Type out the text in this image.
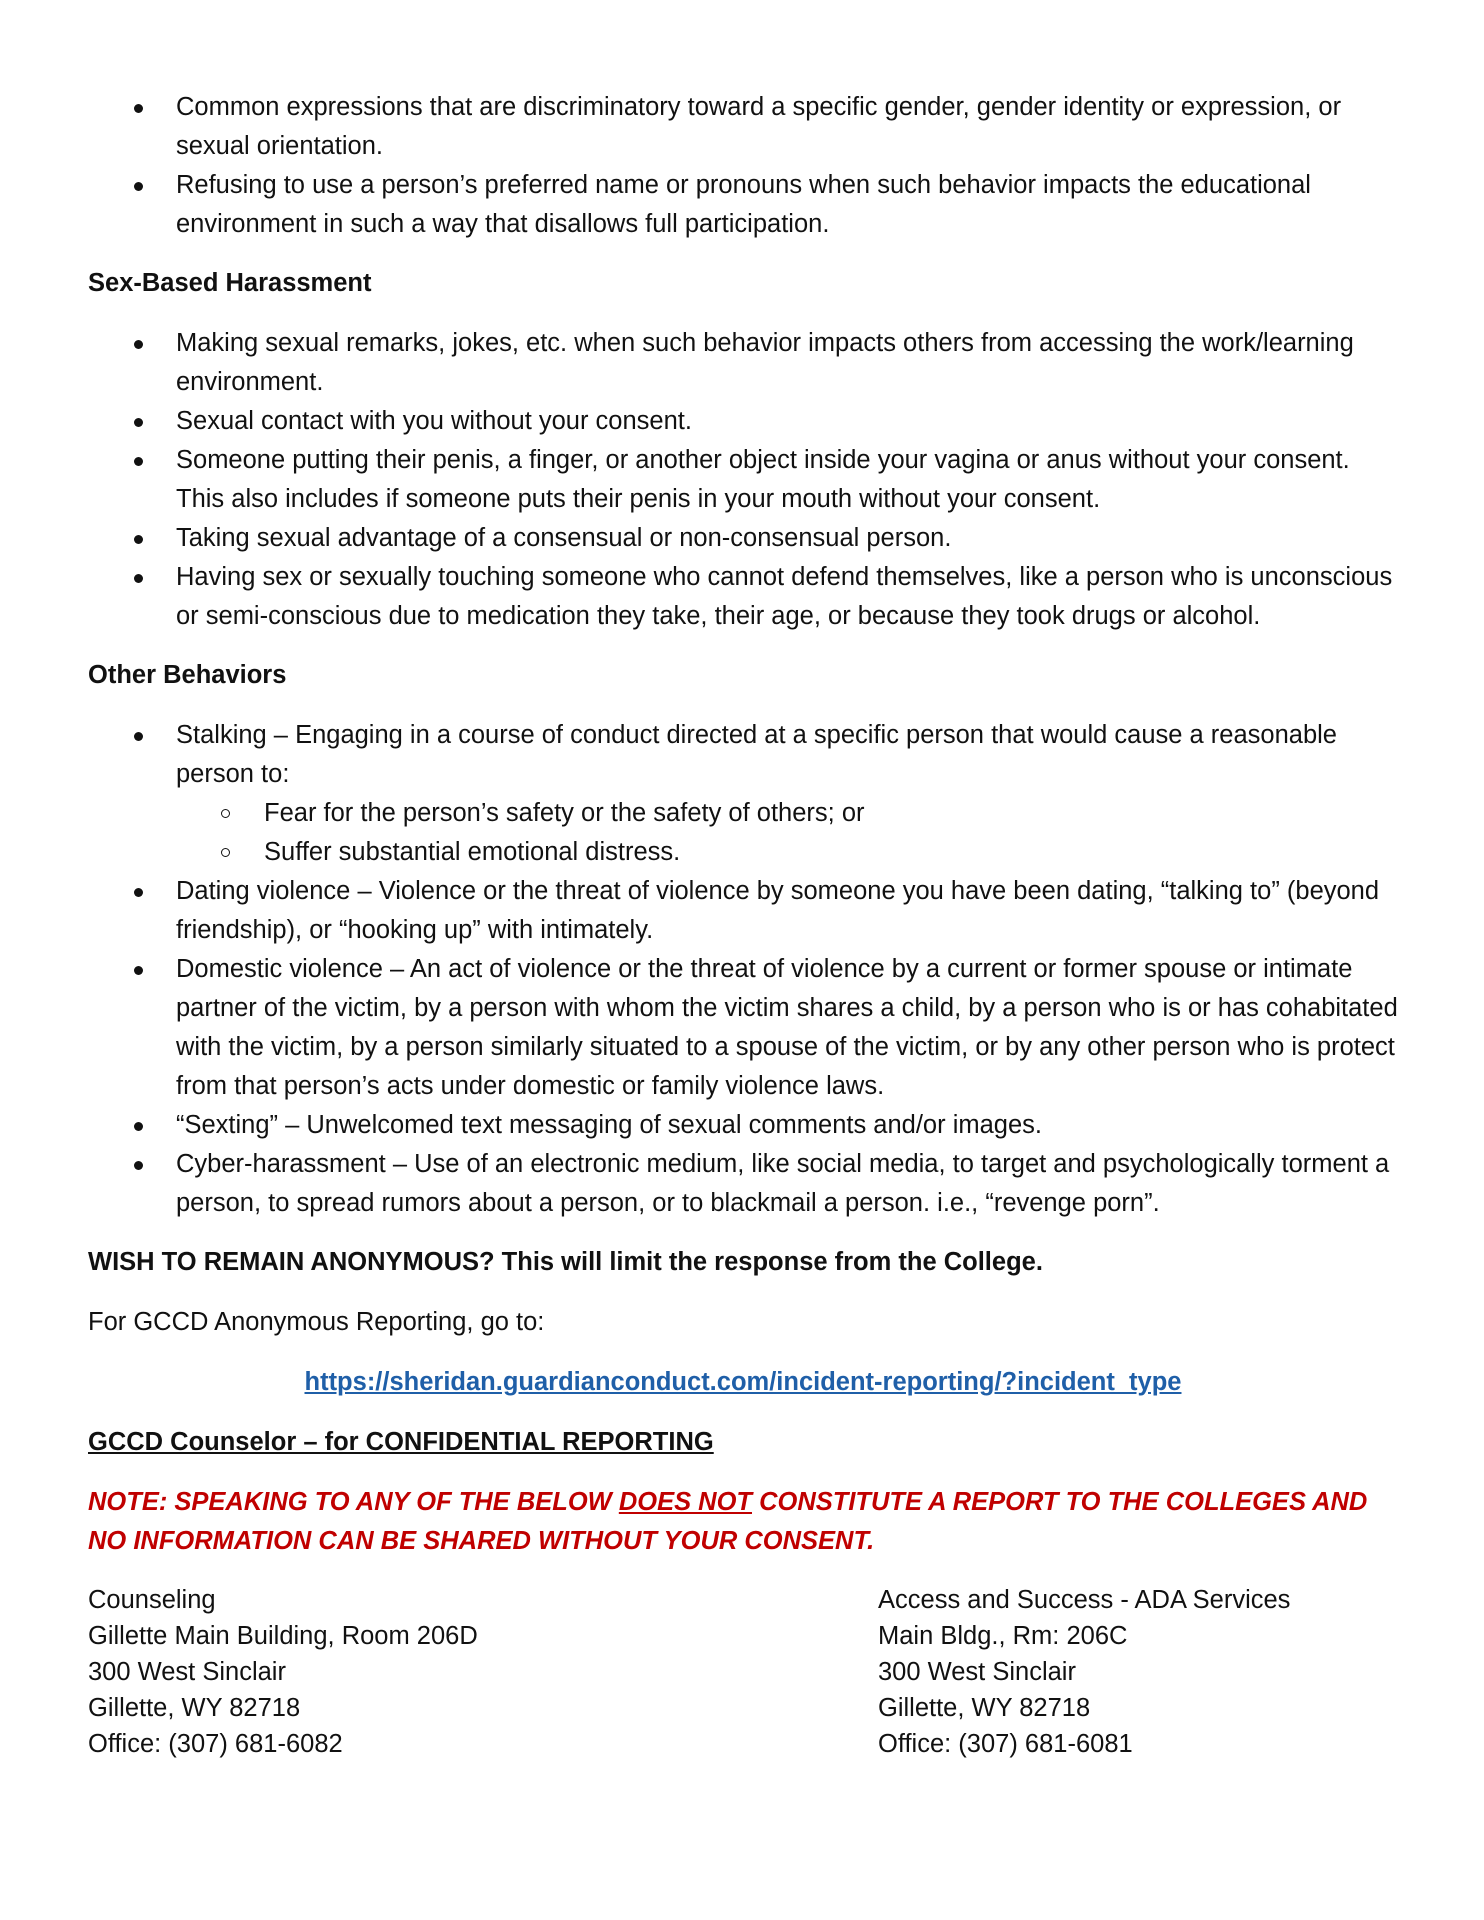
Common expressions that are discriminatory toward a specific gender, gender identity or expression, or sexual orientation.
Refusing to use a person’s preferred name or pronouns when such behavior impacts the educational environment in such a way that disallows full participation.
Sex-Based Harassment
Making sexual remarks, jokes, etc. when such behavior impacts others from accessing the work/learning environment.
Sexual contact with you without your consent.
Someone putting their penis, a finger, or another object inside your vagina or anus without your consent. This also includes if someone puts their penis in your mouth without your consent.
Taking sexual advantage of a consensual or non-consensual person.
Having sex or sexually touching someone who cannot defend themselves, like a person who is unconscious or semi-conscious due to medication they take, their age, or because they took drugs or alcohol.
Other Behaviors
Stalking – Engaging in a course of conduct directed at a specific person that would cause a reasonable person to:
Fear for the person’s safety or the safety of others; or
Suffer substantial emotional distress.
Dating violence – Violence or the threat of violence by someone you have been dating, “talking to” (beyond friendship), or “hooking up” with intimately.
Domestic violence – An act of violence or the threat of violence by a current or former spouse or intimate partner of the victim, by a person with whom the victim shares a child, by a person who is or has cohabitated with the victim, by a person similarly situated to a spouse of the victim, or by any other person who is protect from that person’s acts under domestic or family violence laws.
“Sexting” – Unwelcomed text messaging of sexual comments and/or images.
Cyber-harassment – Use of an electronic medium, like social media, to target and psychologically torment a person, to spread rumors about a person, or to blackmail a person. i.e., “revenge porn”.
WISH TO REMAIN ANONYMOUS? This will limit the response from the College.
For GCCD Anonymous Reporting, go to:
https://sheridan.guardianconduct.com/incident-reporting/?incident_type
GCCD Counselor – for CONFIDENTIAL REPORTING
NOTE: SPEAKING TO ANY OF THE BELOW DOES NOT CONSTITUTE A REPORT TO THE COLLEGES AND NO INFORMATION CAN BE SHARED WITHOUT YOUR CONSENT.
Counseling
Gillette Main Building, Room 206D
300 West Sinclair
Gillette, WY 82718
Office: (307) 681-6082
Access and Success - ADA Services
Main Bldg., Rm: 206C
300 West Sinclair
Gillette, WY 82718
Office: (307) 681-6081
